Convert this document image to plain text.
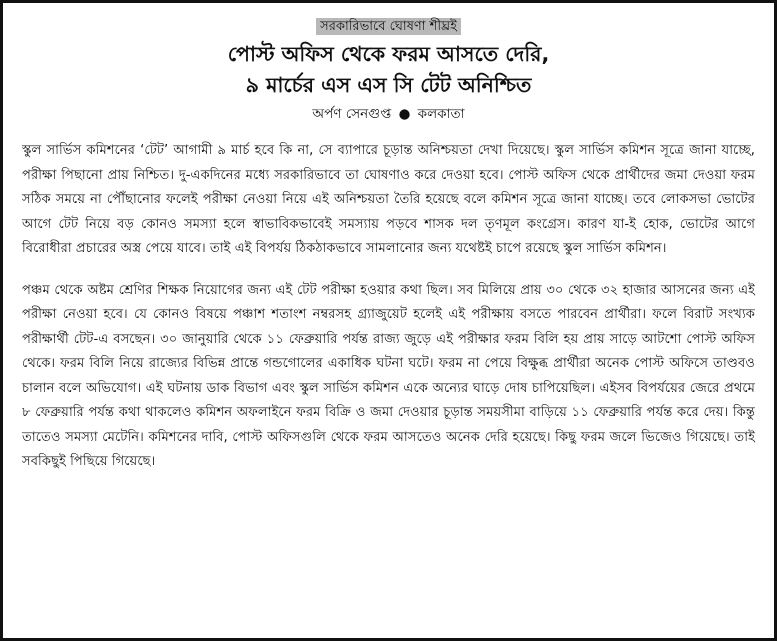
সরকারিভাবে ঘোষণা শীঘ্রই
পোস্ট অফিস থেকে ফরম আসতে দেরি,
৯ মার্চের এস এস সি টেট অনিশ্চিত
অর্পণ সেনগুপ্ত ● কলকাতা

স্কুল সার্ভিস কমিশনের ‘টেট’ আগামী ৯ মার্চ হবে কি না, সে ব্যাপারে চূড়ান্ত অনিশ্চয়তা দেখা দিয়েছে। স্কুল সার্ভিস কমিশন সূত্রে জানা যাচ্ছে, পরীক্ষা পিছানো প্রায় নিশ্চিত। দু-একদিনের মধ্যে সরকারিভাবে তা ঘোষণাও করে দেওয়া হবে। পোস্ট অফিস থেকে প্রার্থীদের জমা দেওয়া ফরম সঠিক সময়ে না পৌঁছানোর ফলেই পরীক্ষা নেওয়া নিয়ে এই অনিশ্চয়তা তৈরি হয়েছে বলে কমিশন সূত্রে জানা যাচ্ছে। তবে লোকসভা ভোটের আগে টেট নিয়ে বড় কোনও সমস্যা হলে স্বাভাবিকভাবেই সমস্যায় পড়বে শাসক দল তৃণমূল কংগ্রেস। কারণ যা-ই হোক, ভোটের আগে বিরোধীরা প্রচারের অস্ত্র পেয়ে যাবে। তাই এই বিপর্যয় ঠিকঠাকভাবে সামলানোর জন্য যথেষ্টই চাপে রয়েছে স্কুল সার্ভিস কমিশন।

পঞ্চম থেকে অষ্টম শ্রেণির শিক্ষক নিয়োগের জন্য এই টেট পরীক্ষা হওয়ার কথা ছিল। সব মিলিয়ে প্রায় ৩০ থেকে ৩২ হাজার আসনের জন্য এই পরীক্ষা নেওয়া হবে। যে কোনও বিষয়ে পঞ্চাশ শতাংশ নম্বরসহ গ্র্যাজুয়েট হলেই এই পরীক্ষায় বসতে পারবেন প্রার্থীরা। ফলে বিরাট সংখ্যক পরীক্ষার্থী টেট-এ বসছেন। ৩০ জানুয়ারি থেকে ১১ ফেব্রুয়ারি পর্যন্ত রাজ্য জুড়ে এই পরীক্ষার ফরম বিলি হয় প্রায় সাড়ে আটশো পোস্ট অফিস থেকে। ফরম বিলি নিয়ে রাজ্যের বিভিন্ন প্রান্তে গন্ডগোলের একাধিক ঘটনা ঘটে। ফরম না পেয়ে বিক্ষুব্ধ প্রার্থীরা অনেক পোস্ট অফিসে তাণ্ডবও চালান বলে অভিযোগ। এই ঘটনায় ডাক বিভাগ এবং স্কুল সার্ভিস কমিশন একে অন্যের ঘাড়ে দোষ চাপিয়েছিল। এইসব বিপর্যয়ের জেরে প্রথমে ৮ ফেব্রুয়ারি পর্যন্ত কথা থাকলেও কমিশন অফলাইনে ফরম বিক্রি ও জমা দেওয়ার চূড়ান্ত সময়সীমা বাড়িয়ে ১১ ফেব্রুয়ারি পর্যন্ত করে দেয়। কিন্তু তাতেও সমস্যা মেটেনি। কমিশনের দাবি, পোস্ট অফিসগুলি থেকে ফরম আসতেও অনেক দেরি হয়েছে। কিছু ফরম জলে ভিজেও গিয়েছে। তাই সবকিছুই পিছিয়ে গিয়েছে।
